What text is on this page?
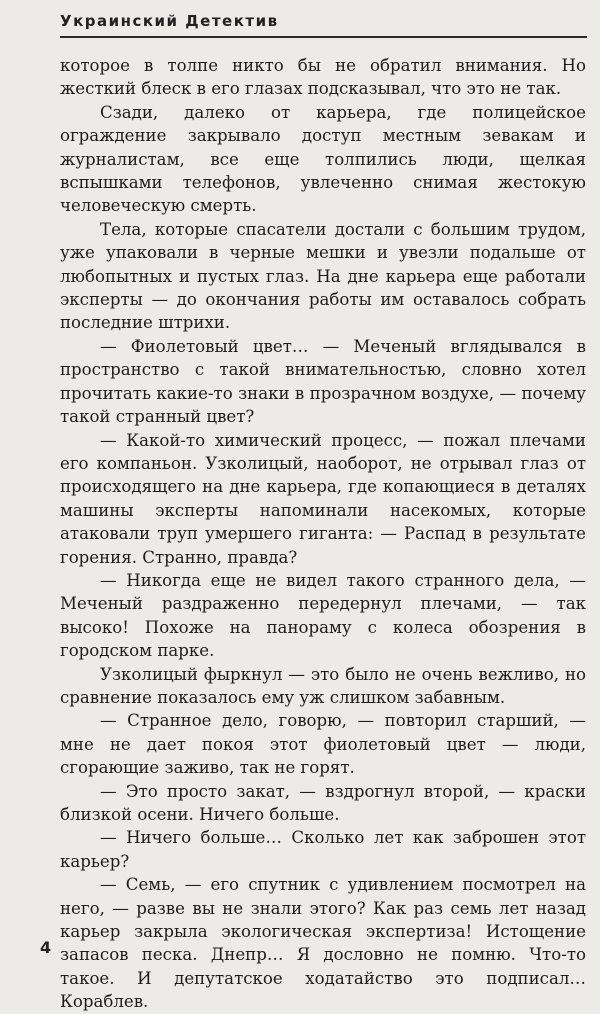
Украинский Детектив

которое в толпе никто бы не обратил внимания. Но жесткий блеск в его глазах подсказывал, что это не так.

Сзади, далеко от карьера, где полицейское ограждение закрывало доступ местным зевакам и журналистам, все еще толпились люди, щелкая вспышками телефонов, увлеченно снимая жестокую человеческую смерть.

Тела, которые спасатели достали с большим трудом, уже упаковали в черные мешки и увезли подальше от любопытных и пустых глаз. На дне карьера еще работали эксперты — до окончания работы им оставалось собрать последние штрихи.

— Фиолетовый цвет… — Меченый вглядывался в пространство с такой внимательностью, словно хотел прочитать какие-то знаки в прозрачном воздухе, — почему такой странный цвет?

— Какой-то химический процесс, — пожал плечами его компаньон. Узколицый, наоборот, не отрывал глаз от происходящего на дне карьера, где копающиеся в деталях машины эксперты напоминали насекомых, которые атаковали труп умершего гиганта: — Распад в результате горения. Странно, правда?

— Никогда еще не видел такого странного дела, — Меченый раздраженно передернул плечами, — так высоко! Похоже на панораму с колеса обозрения в городском парке.

Узколицый фыркнул — это было не очень вежливо, но сравнение показалось ему уж слишком забавным.

— Странное дело, говорю, — повторил старший, — мне не дает покоя этот фиолетовый цвет — люди, сгорающие заживо, так не горят.

— Это просто закат, — вздрогнул второй, — краски близкой осени. Ничего больше.

— Ничего больше… Сколько лет как заброшен этот карьер?

— Семь, — его спутник с удивлением посмотрел на него, — разве вы не знали этого? Как раз семь лет назад карьер закрыла экологическая экспертиза! Истощение запасов песка. Днепр… Я дословно не помню. Что-то такое. И депутатское ходатайство это подписал… Кораблев.

4
